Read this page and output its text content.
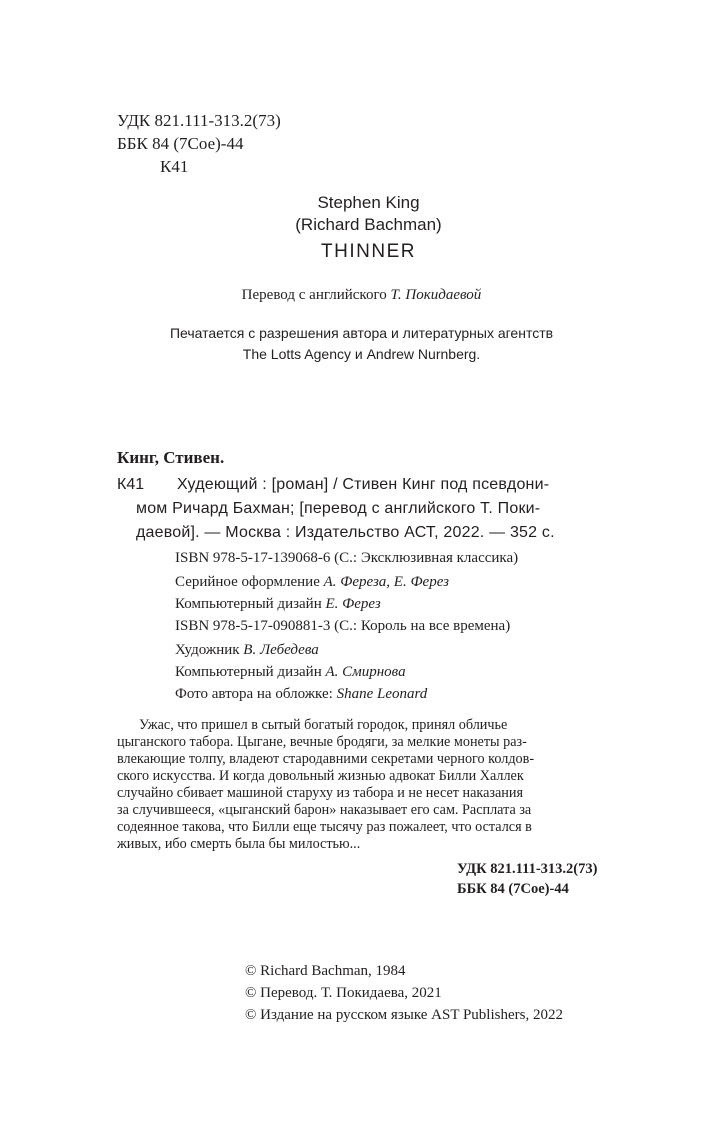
УДК 821.111-313.2(73)
ББК 84 (7Сое)-44
К41
Stephen King
(Richard Bachman)
THINNER
Перевод с английского Т. Покидаевой
Печатается с разрешения автора и литературных агентств
The Lotts Agency и Andrew Nurnberg.
Кинг, Стивен.
К41 Худеющий : [роман] / Стивен Кинг под псевдони-
мом Ричард Бахман; [перевод с английского Т. Поки-
даевой]. — Москва : Издательство АСТ, 2022. — 352 с.
ISBN 978-5-17-139068-6 (С.: Эксклюзивная классика)
Серийное оформление А. Фереза, Е. Ферез
Компьютерный дизайн Е. Ферез
ISBN 978-5-17-090881-3 (С.: Король на все времена)
Художник В. Лебедева
Компьютерный дизайн А. Смирнова
Фото автора на обложке: Shane Leonard
Ужас, что пришел в сытый богатый городок, принял обличье
цыганского табора. Цыгане, вечные бродяги, за мелкие монеты раз-
влекающие толпу, владеют стародавними секретами черного колдов-
ского искусства. И когда довольный жизнью адвокат Билли Халлек
случайно сбивает машиной старуху из табора и не несет наказания
за случившееся, «цыганский барон» наказывает его сам. Расплата за
содеянное такова, что Билли еще тысячу раз пожалеет, что остался в
живых, ибо смерть была бы милостью...
УДК 821.111-313.2(73)
ББК 84 (7Сое)-44
© Richard Bachman, 1984
© Перевод. Т. Покидаева, 2021
© Издание на русском языке AST Publishers, 2022
